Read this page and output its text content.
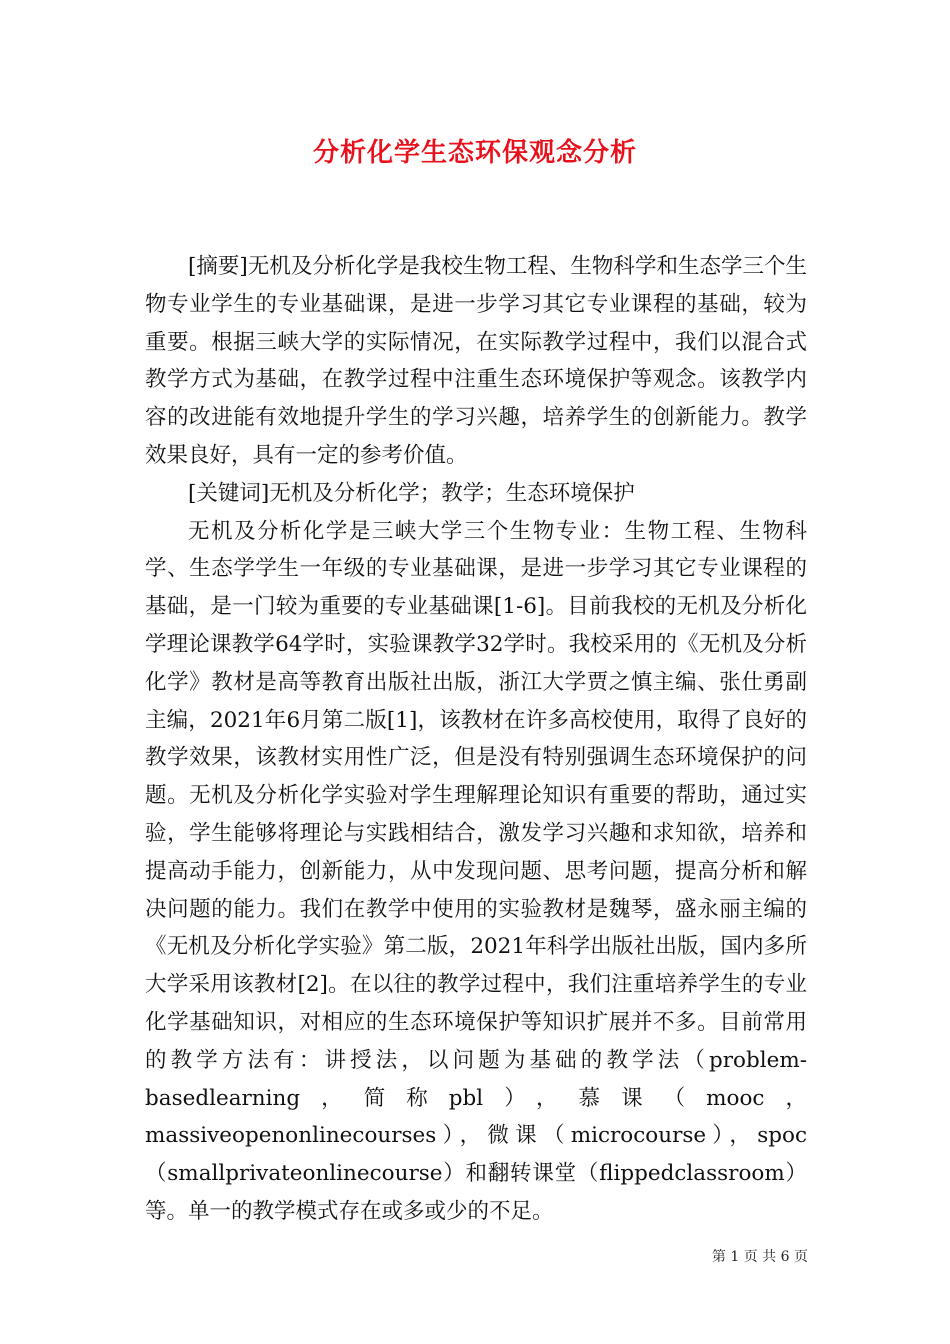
分析化学生态环保观念分析

[摘要]无机及分析化学是我校生物工程、生物科学和生态学三个生物专业学生的专业基础课，是进一步学习其它专业课程的基础，较为重要。根据三峡大学的实际情况，在实际教学过程中，我们以混合式教学方式为基础，在教学过程中注重生态环境保护等观念。该教学内容的改进能有效地提升学生的学习兴趣，培养学生的创新能力。教学效果良好，具有一定的参考价值。

[关键词]无机及分析化学；教学；生态环境保护

无机及分析化学是三峡大学三个生物专业：生物工程、生物科学、生态学学生一年级的专业基础课，是进一步学习其它专业课程的基础，是一门较为重要的专业基础课[1-6]。目前我校的无机及分析化学理论课教学64学时，实验课教学32学时。我校采用的《无机及分析化学》教材是高等教育出版社出版，浙江大学贾之慎主编、张仕勇副主编，2021年6月第二版[1]，该教材在许多高校使用，取得了良好的教学效果，该教材实用性广泛，但是没有特别强调生态环境保护的问题。无机及分析化学实验对学生理解理论知识有重要的帮助，通过实验，学生能够将理论与实践相结合，激发学习兴趣和求知欲，培养和提高动手能力，创新能力，从中发现问题、思考问题，提高分析和解决问题的能力。我们在教学中使用的实验教材是魏琴，盛永丽主编的《无机及分析化学实验》第二版，2021年科学出版社出版，国内多所大学采用该教材[2]。在以往的教学过程中，我们注重培养学生的专业化学基础知识，对相应的生态环境保护等知识扩展并不多。目前常用的教学方法有：讲授法，以问题为基础的教学法（problem-basedlearning，简称pbl），慕课（mooc，massiveopenonlinecourses），微课（microcourse），spoc（smallprivateonlinecourse）和翻转课堂（flippedclassroom）等。单一的教学模式存在或多或少的不足。

第 1 页 共 6 页
